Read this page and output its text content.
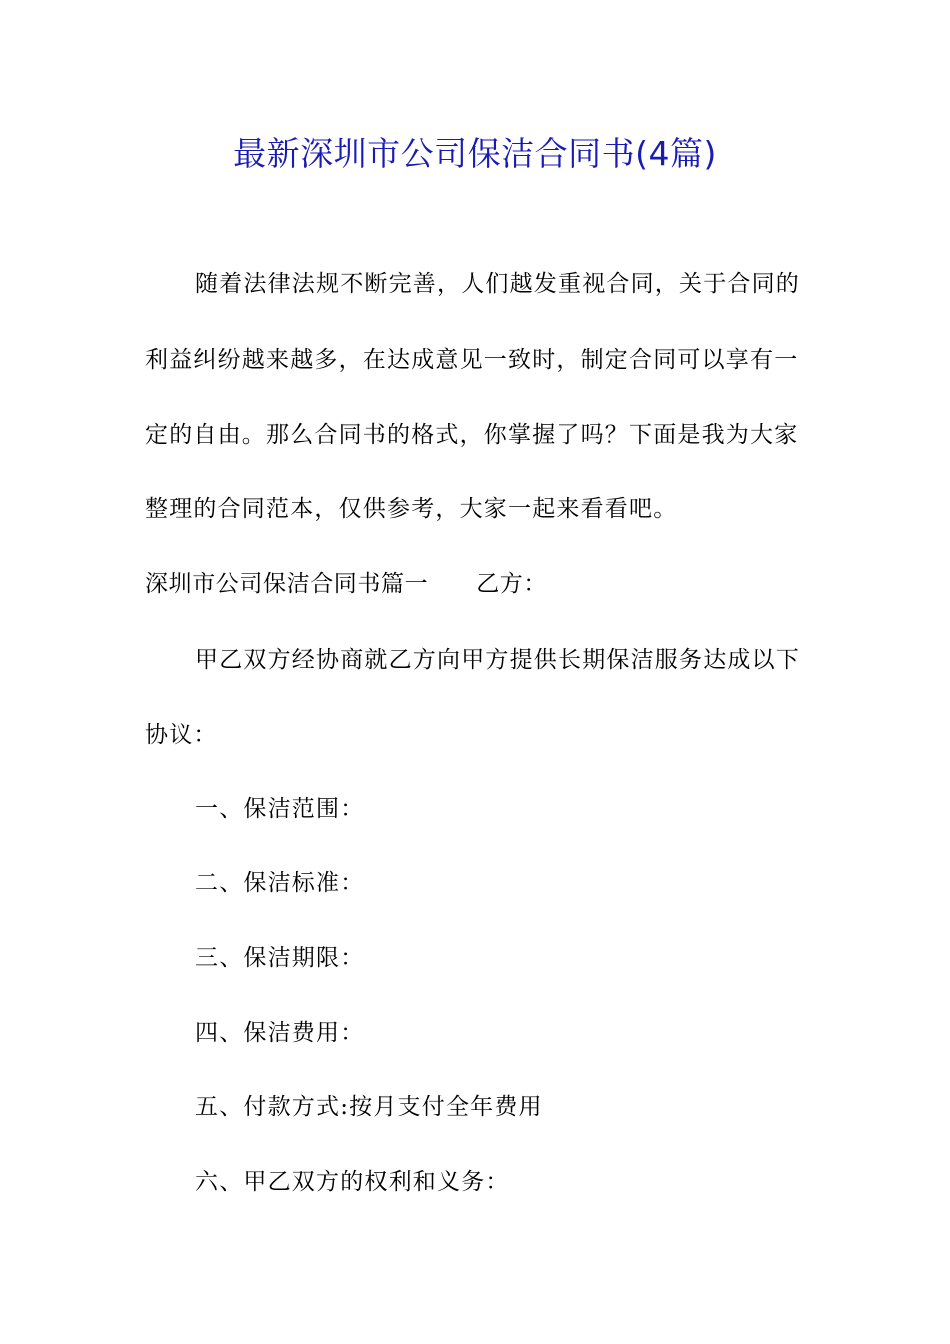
最新深圳市公司保洁合同书(4篇)
随着法律法规不断完善，人们越发重视合同，关于合同的
利益纠纷越来越多，在达成意见一致时，制定合同可以享有一
定的自由。那么合同书的格式，你掌握了吗？下面是我为大家
整理的合同范本，仅供参考，大家一起来看看吧。
深圳市公司保洁合同书篇一 乙方：
甲乙双方经协商就乙方向甲方提供长期保洁服务达成以下
协议：
一、保洁范围：
二、保洁标准：
三、保洁期限：
四、保洁费用：
五、付款方式:按月支付全年费用
六、甲乙双方的权利和义务：
